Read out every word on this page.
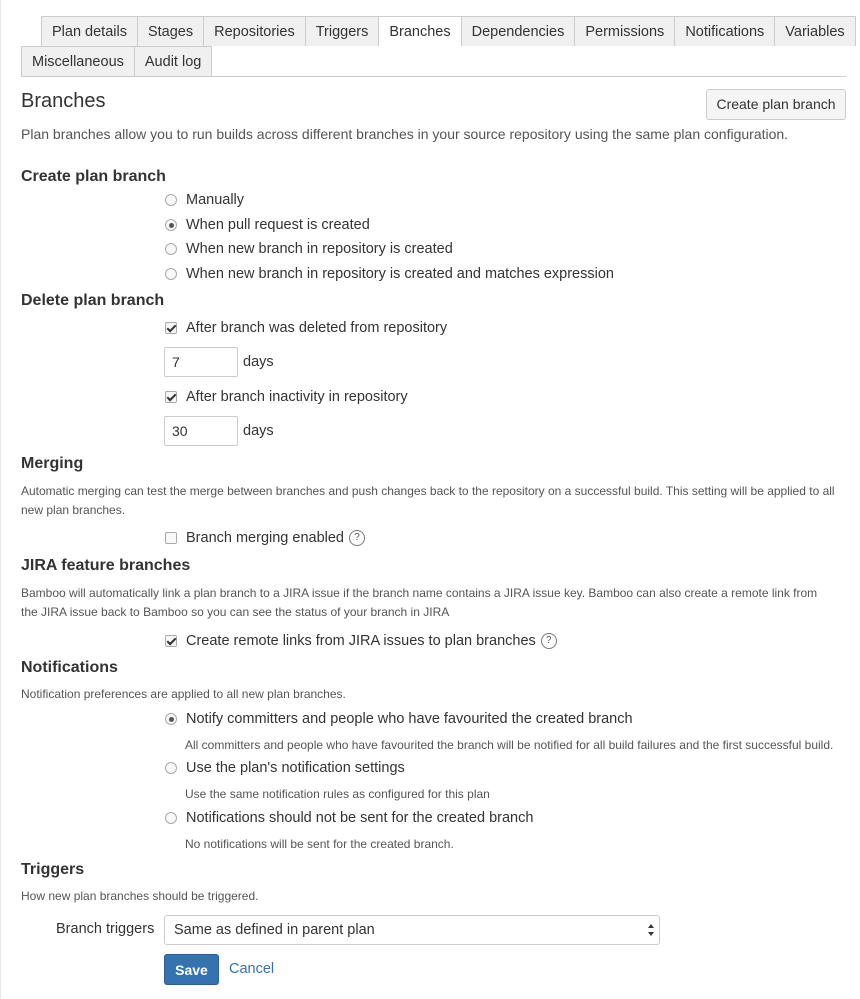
Plan details	Stages	Repositories	Triggers	Branches	Dependencies	Permissions	Notifications	Variables
Miscellaneous	Audit log
Branches	Create plan branch
Plan branches allow you to run builds across different branches in your source repository using the same plan configuration.
Create plan branch
Manually
When pull request is created
When new branch in repository is created
When new branch in repository is created and matches expression
Delete plan branch
After branch was deleted from repository
7
days
After branch inactivity in repository
30
days
Merging
Automatic merging can test the merge between branches and push changes back to the repository on a successful build. This setting will be applied to all new plan branches.
Branch merging enabled	?
JIRA feature branches
Bamboo will automatically link a plan branch to a JIRA issue if the branch name contains a JIRA issue key. Bamboo can also create a remote link from the JIRA issue back to Bamboo so you can see the status of your branch in JIRA
Create remote links from JIRA issues to plan branches	?
Notifications
Notification preferences are applied to all new plan branches.
Notify committers and people who have favourited the created branch
All committers and people who have favourited the branch will be notified for all build failures and the first successful build.
Use the plan's notification settings
Use the same notification rules as configured for this plan
Notifications should not be sent for the created branch
No notifications will be sent for the created branch.
Triggers
How new plan branches should be triggered.
Branch triggers	Same as defined in parent plan
Save	Cancel
